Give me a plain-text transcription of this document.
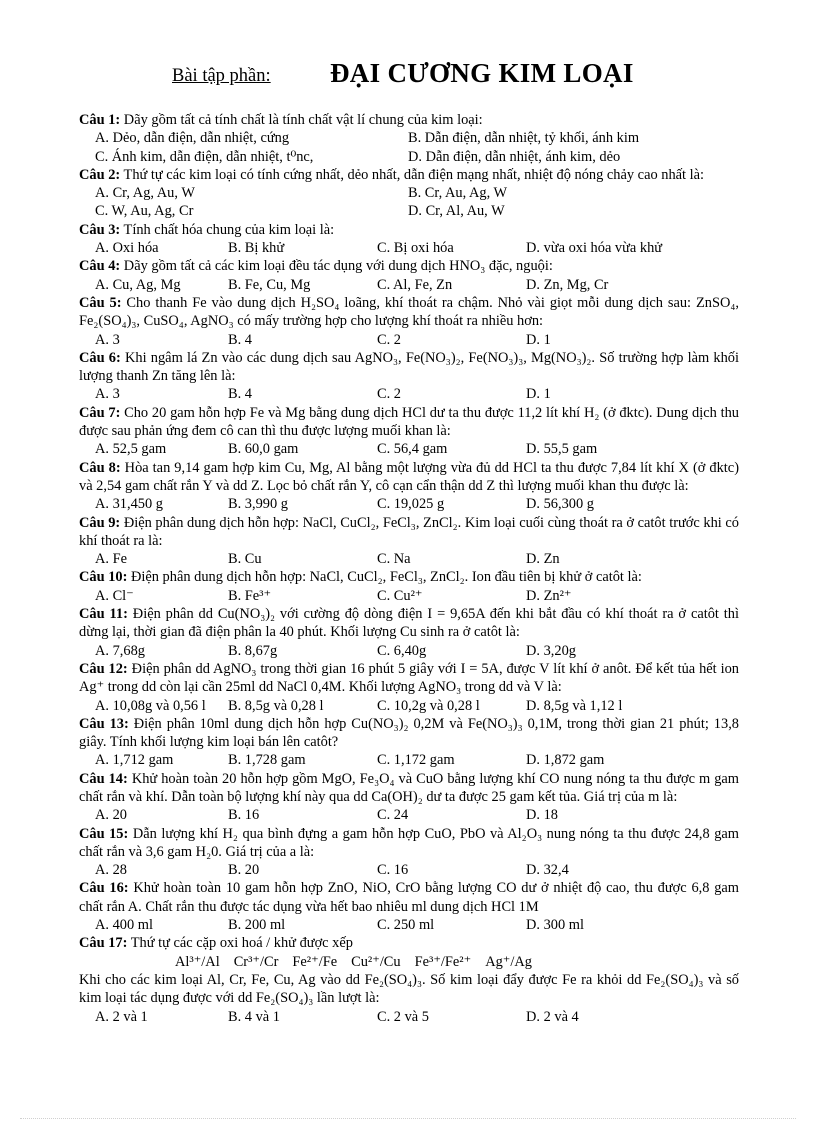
Bài tập phần: ĐẠI CƯƠNG KIM LOẠI
Câu 1: Dãy gồm tất cả tính chất là tính chất vật lí chung của kim loại:
A. Dẻo, dẫn điện, dẫn nhiệt, cứng	B. Dẫn điện, dẫn nhiệt, tỷ khối, ánh kim
C. Ánh kim, dẫn điện, dẫn nhiệt, t⁰nc,	D. Dẫn điện, dẫn nhiệt, ánh kim, dẻo
Câu 2: Thứ tự các kim loại có tính cứng nhất, dẻo nhất, dẫn điện mạng nhất, nhiệt độ nóng chảy cao nhất là:
A. Cr, Ag, Au, W	B. Cr, Au, Ag, W
C. W, Au, Ag, Cr	D. Cr, Al, Au, W
Câu 3: Tính chất hóa chung của kim loại là:
A. Oxi hóa	B. Bị khử	C. Bị oxi hóa	D. vừa oxi hóa vừa khử
Câu 4: Dãy gồm tất cả các kim loại đều tác dụng với dung dịch HNO₃ đặc, nguội:
A. Cu, Ag, Mg	B. Fe, Cu, Mg	C. Al, Fe, Zn	D. Zn, Mg, Cr
Câu 5: Cho thanh Fe vào dung dịch H₂SO₄ loãng, khí thoát ra chậm. Nhỏ vài giọt mỗi dung dịch sau: ZnSO₄, Fe₂(SO₄)₃, CuSO₄, AgNO₃ có mấy trường hợp cho lượng khí thoát ra nhiều hơn:
A. 3	B. 4	C. 2	D. 1
Câu 6: Khi ngâm lá Zn vào các dung dịch sau AgNO₃, Fe(NO₃)₂, Fe(NO₃)₃, Mg(NO₃)₂. Số trường hợp làm khối lượng thanh Zn tăng lên là:
A. 3	B. 4	C. 2	D. 1
Câu 7: Cho 20 gam hỗn hợp Fe và Mg bằng dung dịch HCl dư ta thu được 11,2 lít khí H₂ (ở đktc). Dung dịch thu được sau phản ứng đem cô can thì thu được lượng muối khan là:
A. 52,5 gam	B. 60,0 gam	C. 56,4 gam	D. 55,5 gam
Câu 8: Hòa tan 9,14 gam hợp kim Cu, Mg, Al bằng một lượng vừa đủ dd HCl ta thu được 7,84 lít khí X (ở đktc) và 2,54 gam chất rắn Y và dd Z. Lọc bỏ chất rắn Y, cô cạn cẩn thận dd Z thì lượng muối khan thu được là:
A. 31,450 g	B. 3,990 g	C. 19,025 g	D. 56,300 g
Câu 9: Điện phân dung dịch hỗn hợp: NaCl, CuCl₂, FeCl₃, ZnCl₂. Kim loại cuối cùng thoát ra ở catôt trước khi có khí thoát ra là:
A. Fe	B. Cu	C. Na	D. Zn
Câu 10: Điện phân dung dịch hỗn hợp: NaCl, CuCl₂, FeCl₃, ZnCl₂. Ion đầu tiên bị khử ở catôt là:
A. Cl⁻	B. Fe³⁺	C. Cu²⁺	D. Zn²⁺
Câu 11: Điện phân dd Cu(NO₃)₂ với cường độ dòng điện I = 9,65A đến khi bắt đầu có khí thoát ra ở catôt thì dừng lại, thời gian đã điện phân la 40 phút. Khối lượng Cu sinh ra ở catôt là:
A. 7,68g	B. 8,67g	C. 6,40g	D. 3,20g
Câu 12: Điện phân dd AgNO₃ trong thời gian 16 phút 5 giây với I = 5A, được V lít khí ở anôt. Để kết tủa hết ion Ag⁺ trong dd còn lại cần 25ml dd NaCl 0,4M. Khối lượng AgNO₃ trong dd và V là:
A. 10,08g và 0,56 l	B. 8,5g và 0,28 l	C. 10,2g và 0,28 l	D. 8,5g và 1,12 l
Câu 13: Điện phân 10ml dung dịch hỗn hợp Cu(NO₃)₂ 0,2M và Fe(NO₃)₃ 0,1M, trong thời gian 21 phút; 13,8 giây. Tính khối lượng kim loại bán lên catôt?
A. 1,712 gam	B. 1,728 gam	C. 1,172 gam	D. 1,872 gam
Câu 14: Khử hoàn toàn 20 hỗn hợp gồm MgO, Fe₃O₄ và CuO bằng lượng khí CO nung nóng ta thu được m gam chất rắn và khí. Dẫn toàn bộ lượng khí này qua dd Ca(OH)₂ dư ta được 25 gam kết tủa. Giá trị của m là:
A. 20	B. 16	C. 24	D. 18
Câu 15: Dẫn lượng khí H₂ qua bình đựng a gam hỗn hợp CuO, PbO và Al₂O₃ nung nóng ta thu được 24,8 gam chất rắn và 3,6 gam H₂0. Giá trị của a là:
A. 28	B. 20	C. 16	D. 32,4
Câu 16: Khử hoàn toàn 10 gam hỗn hợp ZnO, NiO, CrO bằng lượng CO dư ở nhiệt độ cao, thu được 6,8 gam chất rắn A. Chất rắn thu được tác dụng vừa hết bao nhiêu ml dung dịch HCl 1M
A. 400 ml	B. 200 ml	C. 250 ml	D. 300 ml
Câu 17: Thứ tự các cặp oxi hoá / khử được xếp
Al³⁺/Al Cr³⁺/Cr Fe²⁺/Fe Cu²⁺/Cu Fe³⁺/Fe²⁺ Ag⁺/Ag
Khi cho các kim loại Al, Cr, Fe, Cu, Ag vào dd Fe₂(SO₄)₃. Số kim loại đẩy được Fe ra khỏi dd Fe₂(SO₄)₃ và số kim loại tác dụng được với dd Fe₂(SO₄)₃ lần lượt là:
A. 2 và 1	B. 4 và 1	C. 2 và 5	D. 2 và 4
